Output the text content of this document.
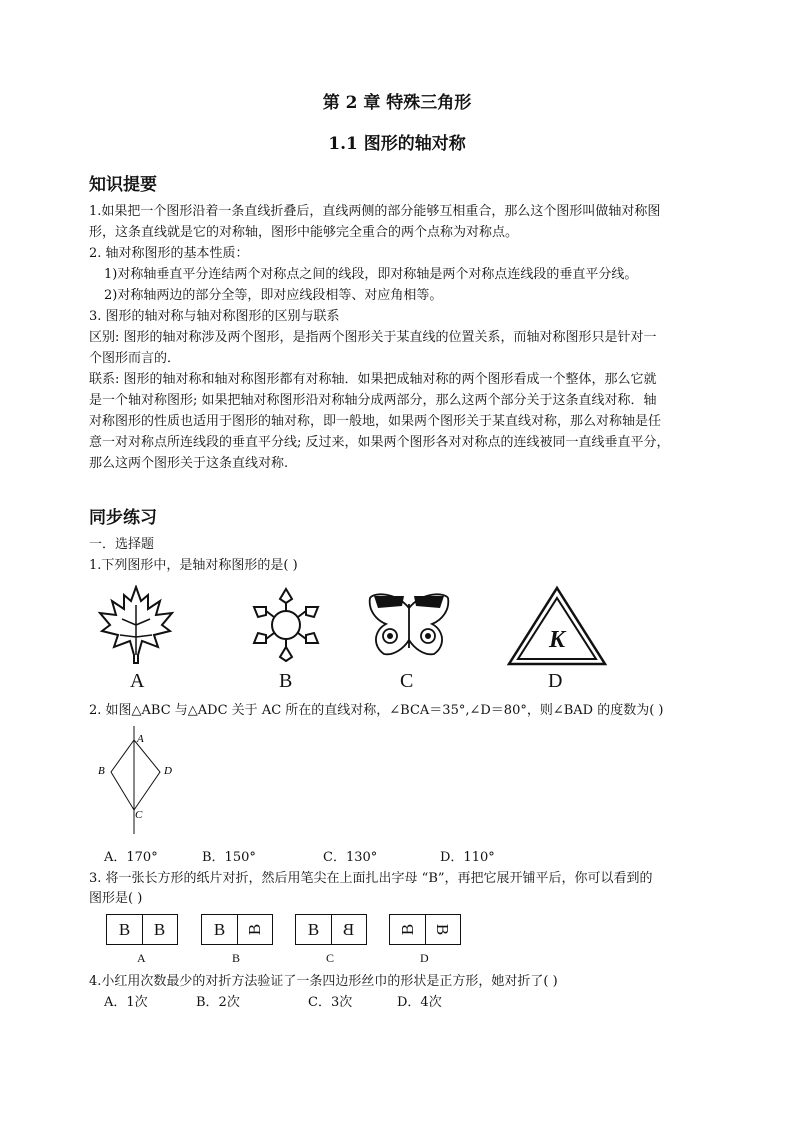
第 2 章 特殊三角形
1.1 图形的轴对称
知识提要
1.如果把一个图形沿着一条直线折叠后，直线两侧的部分能够互相重合，那么这个图形叫做轴对称图
形，这条直线就是它的对称轴，图形中能够完全重合的两个点称为对称点。
2. 轴对称图形的基本性质：
1)对称轴垂直平分连结两个对称点之间的线段，即对称轴是两个对称点连线段的垂直平分线。
2)对称轴两边的部分全等，即对应线段相等、对应角相等。
3. 图形的轴对称与轴对称图形的区别与联系
区别: 图形的轴对称涉及两个图形，是指两个图形关于某直线的位置关系，而轴对称图形只是针对一
个图形而言的．
联系: 图形的轴对称和轴对称图形都有对称轴．如果把成轴对称的两个图形看成一个整体，那么它就
是一个轴对称图形; 如果把轴对称图形沿对称轴分成两部分，那么这两个部分关于这条直线对称．轴
对称图形的性质也适用于图形的轴对称，即一般地，如果两个图形关于某直线对称，那么对称轴是任
意一对对称点所连线段的垂直平分线; 反过来，如果两个图形各对对称点的连线被同一直线垂直平分，
那么这两个图形关于这条直线对称.
同步练习
一．选择题
1.下列图形中，是轴对称图形的是( )
K
A	B	C	D
2. 如图△ABC 与△ADC 关于 AC 所在的直线对称，∠BCA＝35°,∠D＝80°，则∠BAD 的度数为( )
A
B
C
D
A．170°	B．150°	C．130°	D．110°
3. 将一张长方形的纸片对折，然后用笔尖在上面扎出字母 “B”，再把它展开铺平后，你可以看到的
图形是( )
B	B	B	B	B	B	B B
A	B	C	D
4.小红用次数最少的对折方法验证了一条四边形丝巾的形状是正方形，她对折了( )
A．1次	B．2次	C．3次	D．4次
